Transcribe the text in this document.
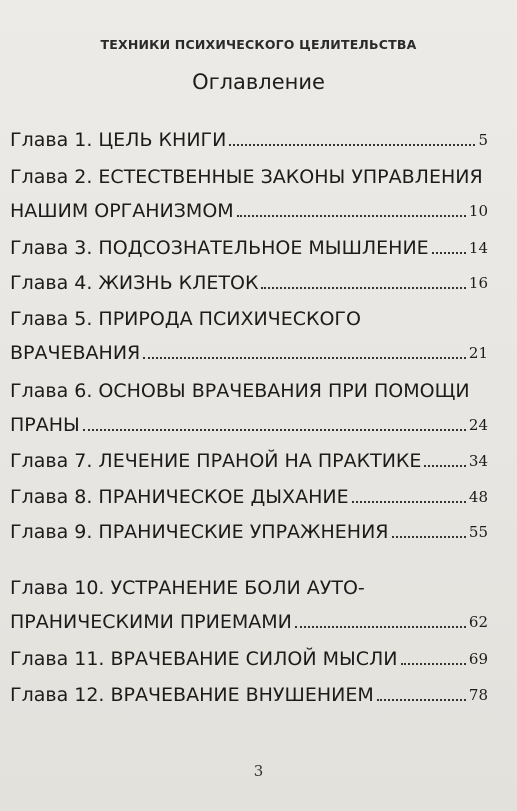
ТЕХНИКИ ПСИХИЧЕСКОГО ЦЕЛИТЕЛЬСТВА
Оглавление
Глава 1. ЦЕЛЬ КНИГИ	5
Глава 2. ЕСТЕСТВЕННЫЕ ЗАКОНЫ УПРАВЛЕНИЯ
НАШИМ ОРГАНИЗМОМ	10
Глава 3. ПОДСОЗНАТЕЛЬНОЕ МЫШЛЕНИЕ	14
Глава 4. ЖИЗНЬ КЛЕТОК	16
Глава 5. ПРИРОДА ПСИХИЧЕСКОГО
ВРАЧЕВАНИЯ	21
Глава 6. ОСНОВЫ ВРАЧЕВАНИЯ ПРИ ПОМОЩИ
ПРАНЫ	24
Глава 7. ЛЕЧЕНИЕ ПРАНОЙ НА ПРАКТИКЕ	34
Глава 8. ПРАНИЧЕСКОЕ ДЫХАНИЕ	48
Глава 9. ПРАНИЧЕСКИЕ УПРАЖНЕНИЯ	55
Глава 10. УСТРАНЕНИЕ БОЛИ АУТО-
ПРАНИЧЕСКИМИ ПРИЕМАМИ	62
Глава 11. ВРАЧЕВАНИЕ СИЛОЙ МЫСЛИ	69
Глава 12. ВРАЧЕВАНИЕ ВНУШЕНИЕМ	78
3
